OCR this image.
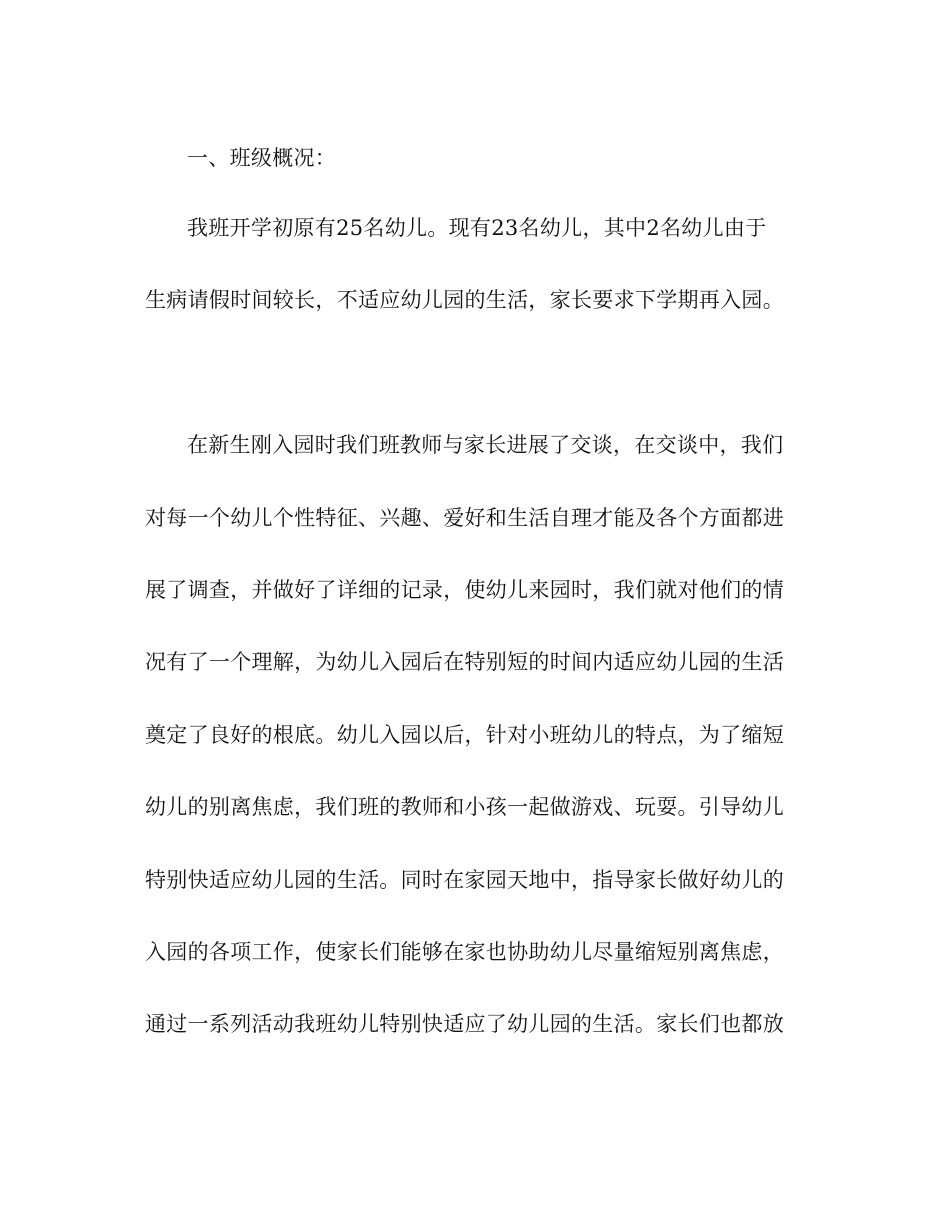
一、班级概况：
我班开学初原有25名幼儿。现有23名幼儿，其中2名幼儿由于
生病请假时间较长，不适应幼儿园的生活，家长要求下学期再入园。
在新生刚入园时我们班教师与家长进展了交谈，在交谈中，我们
对每一个幼儿个性特征、兴趣、爱好和生活自理才能及各个方面都进
展了调查，并做好了详细的记录，使幼儿来园时，我们就对他们的情
况有了一个理解，为幼儿入园后在特别短的时间内适应幼儿园的生活
奠定了良好的根底。幼儿入园以后，针对小班幼儿的特点，为了缩短
幼儿的别离焦虑，我们班的教师和小孩一起做游戏、玩耍。引导幼儿
特别快适应幼儿园的生活。同时在家园天地中，指导家长做好幼儿的
入园的各项工作，使家长们能够在家也协助幼儿尽量缩短别离焦虑，
通过一系列活动我班幼儿特别快适应了幼儿园的生活。家长们也都放
